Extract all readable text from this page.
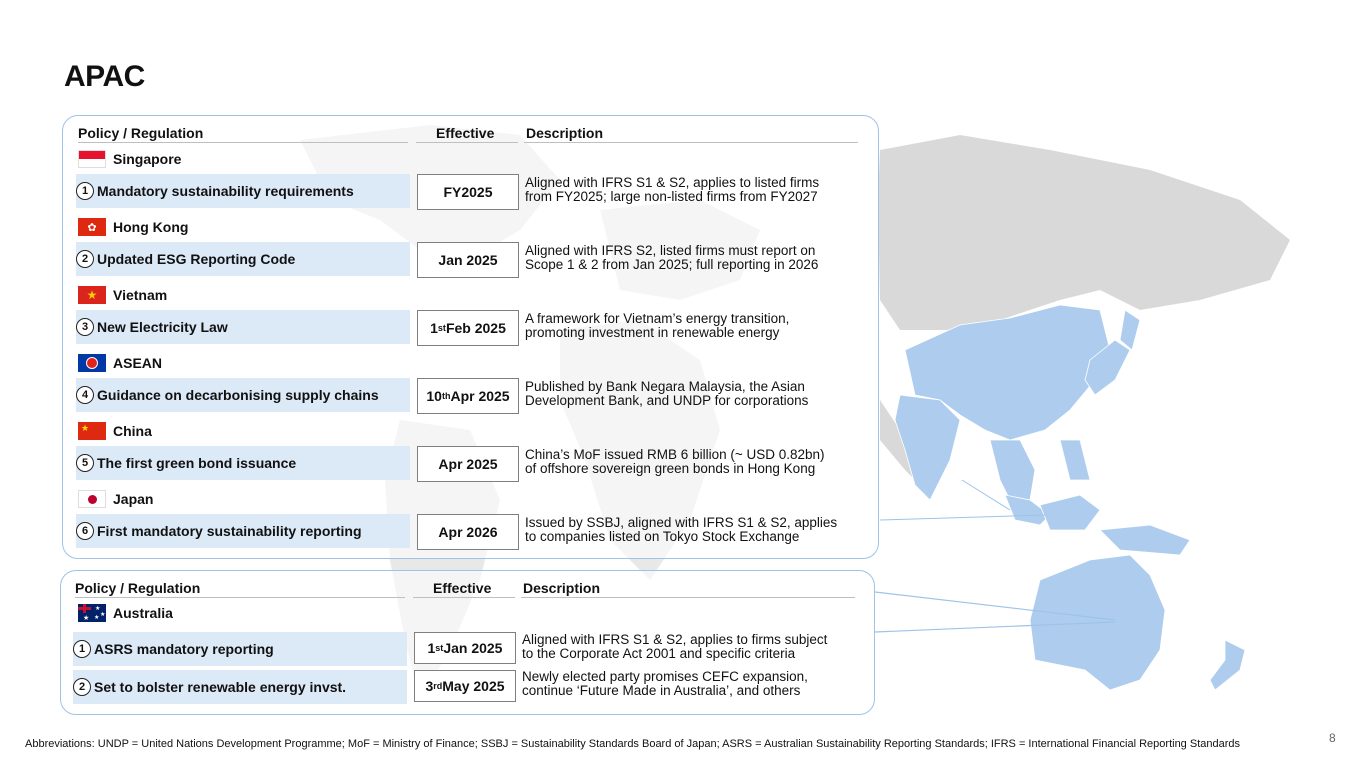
APAC
Policy / Regulation	Effective Description
Singapore
1 Mandatory sustainability requirements	FY2025
Aligned with IFRS S1 & S2, applies to listed firms
from FY2025; large non-listed firms from FY2027
✿	Hong Kong
2 Updated ESG Reporting Code	Jan 2025
Aligned with IFRS S2, listed firms must report on
Scope 1 & 2 from Jan 2025; full reporting in 2026
★	Vietnam
3 New Electricity Law	1 st Feb 2025
A framework for Vietnam’s energy transition,
promoting investment in renewable energy
ASEAN
4 Guidance on decarbonising supply chains	10 th Apr 2025
Published by Bank Negara Malaysia, the Asian
Development Bank, and UNDP for corporations
★	China
5 The first green bond issuance	Apr 2025
China’s MoF issued RMB 6 billion (~ USD 0.82bn)
of offshore sovereign green bonds in Hong Kong
Japan
6 First mandatory sustainability reporting	Apr 2026
Issued by SSBJ, aligned with IFRS S1 & S2, applies
to companies listed on Tokyo Stock Exchange
Policy / Regulation	Effective Description
★
★
★
★ Australia
1 ASRS mandatory reporting	1 st Jan 2025
Aligned with IFRS S1 & S2, applies to firms subject
to the Corporate Act 2001 and specific criteria
2 Set to bolster renewable energy invst.	3 rd May 2025
Newly elected party promises CEFC expansion,
continue ‘Future Made in Australia’, and others
Abbreviations: UNDP = United Nations Development Programme; MoF = Ministry of Finance; SSBJ = Sustainability Standards Board of Japan; ASRS = Australian Sustainability Reporting Standards; IFRS = International Financial Reporting Standards	8
